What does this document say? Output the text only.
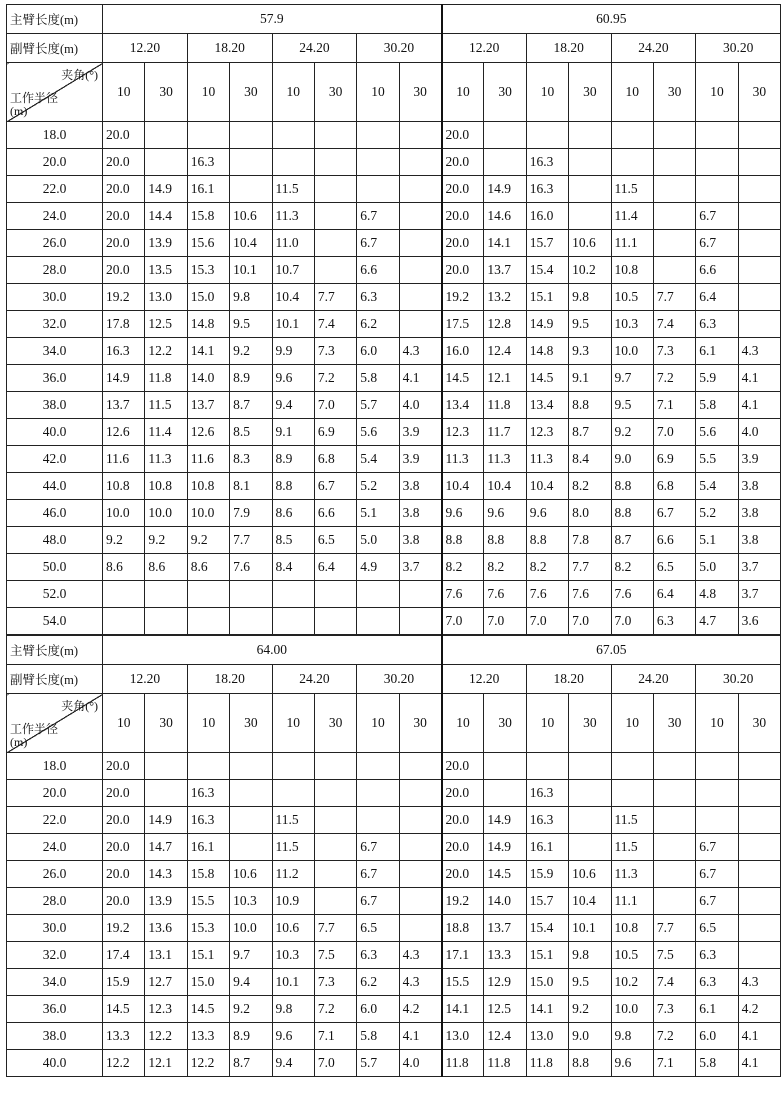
主臂长度(m)	57.9								60.95							
副臂长度(m)	12.20		18.20		24.20		30.20		12.20		18.20		24.20		30.20	

夹角(°)
工作半径(m)	10	30	10	30	10	30	10	30	10	30	10	30	10	30	10	30
18.0	20.0								20.0							
20.0	20.0		16.3						20.0		16.3					
22.0	20.0	14.9	16.1		11.5				20.0	14.9	16.3		11.5			
24.0	20.0	14.4	15.8	10.6	11.3		6.7		20.0	14.6	16.0		11.4		6.7	
26.0	20.0	13.9	15.6	10.4	11.0		6.7		20.0	14.1	15.7	10.6	11.1		6.7	
28.0	20.0	13.5	15.3	10.1	10.7		6.6		20.0	13.7	15.4	10.2	10.8		6.6	
30.0	19.2	13.0	15.0	9.8	10.4	7.7	6.3		19.2	13.2	15.1	9.8	10.5	7.7	6.4	
32.0	17.8	12.5	14.8	9.5	10.1	7.4	6.2		17.5	12.8	14.9	9.5	10.3	7.4	6.3	
34.0	16.3	12.2	14.1	9.2	9.9	7.3	6.0	4.3	16.0	12.4	14.8	9.3	10.0	7.3	6.1	4.3
36.0	14.9	11.8	14.0	8.9	9.6	7.2	5.8	4.1	14.5	12.1	14.5	9.1	9.7	7.2	5.9	4.1
38.0	13.7	11.5	13.7	8.7	9.4	7.0	5.7	4.0	13.4	11.8	13.4	8.8	9.5	7.1	5.8	4.1
40.0	12.6	11.4	12.6	8.5	9.1	6.9	5.6	3.9	12.3	11.7	12.3	8.7	9.2	7.0	5.6	4.0
42.0	11.6	11.3	11.6	8.3	8.9	6.8	5.4	3.9	11.3	11.3	11.3	8.4	9.0	6.9	5.5	3.9
44.0	10.8	10.8	10.8	8.1	8.8	6.7	5.2	3.8	10.4	10.4	10.4	8.2	8.8	6.8	5.4	3.8
46.0	10.0	10.0	10.0	7.9	8.6	6.6	5.1	3.8	9.6	9.6	9.6	8.0	8.8	6.7	5.2	3.8
48.0	9.2	9.2	9.2	7.7	8.5	6.5	5.0	3.8	8.8	8.8	8.8	7.8	8.7	6.6	5.1	3.8
50.0	8.6	8.6	8.6	7.6	8.4	6.4	4.9	3.7	8.2	8.2	8.2	7.7	8.2	6.5	5.0	3.7
52.0									7.6	7.6	7.6	7.6	7.6	6.4	4.8	3.7
54.0									7.0	7.0	7.0	7.0	7.0	6.3	4.7	3.6
主臂长度(m)	64.00								67.05							
副臂长度(m)	12.20		18.20		24.20		30.20		12.20		18.20		24.20		30.20	

夹角(°)
工作半径(m)	10	30	10	30	10	30	10	30	10	30	10	30	10	30	10	30
18.0	20.0								20.0							
20.0	20.0		16.3						20.0		16.3					
22.0	20.0	14.9	16.3		11.5				20.0	14.9	16.3		11.5			
24.0	20.0	14.7	16.1		11.5		6.7		20.0	14.9	16.1		11.5		6.7	
26.0	20.0	14.3	15.8	10.6	11.2		6.7		20.0	14.5	15.9	10.6	11.3		6.7	
28.0	20.0	13.9	15.5	10.3	10.9		6.7		19.2	14.0	15.7	10.4	11.1		6.7	
30.0	19.2	13.6	15.3	10.0	10.6	7.7	6.5		18.8	13.7	15.4	10.1	10.8	7.7	6.5	
32.0	17.4	13.1	15.1	9.7	10.3	7.5	6.3	4.3	17.1	13.3	15.1	9.8	10.5	7.5	6.3	
34.0	15.9	12.7	15.0	9.4	10.1	7.3	6.2	4.3	15.5	12.9	15.0	9.5	10.2	7.4	6.3	4.3
36.0	14.5	12.3	14.5	9.2	9.8	7.2	6.0	4.2	14.1	12.5	14.1	9.2	10.0	7.3	6.1	4.2
38.0	13.3	12.2	13.3	8.9	9.6	7.1	5.8	4.1	13.0	12.4	13.0	9.0	9.8	7.2	6.0	4.1
40.0	12.2	12.1	12.2	8.7	9.4	7.0	5.7	4.0	11.8	11.8	11.8	8.8	9.6	7.1	5.8	4.1
